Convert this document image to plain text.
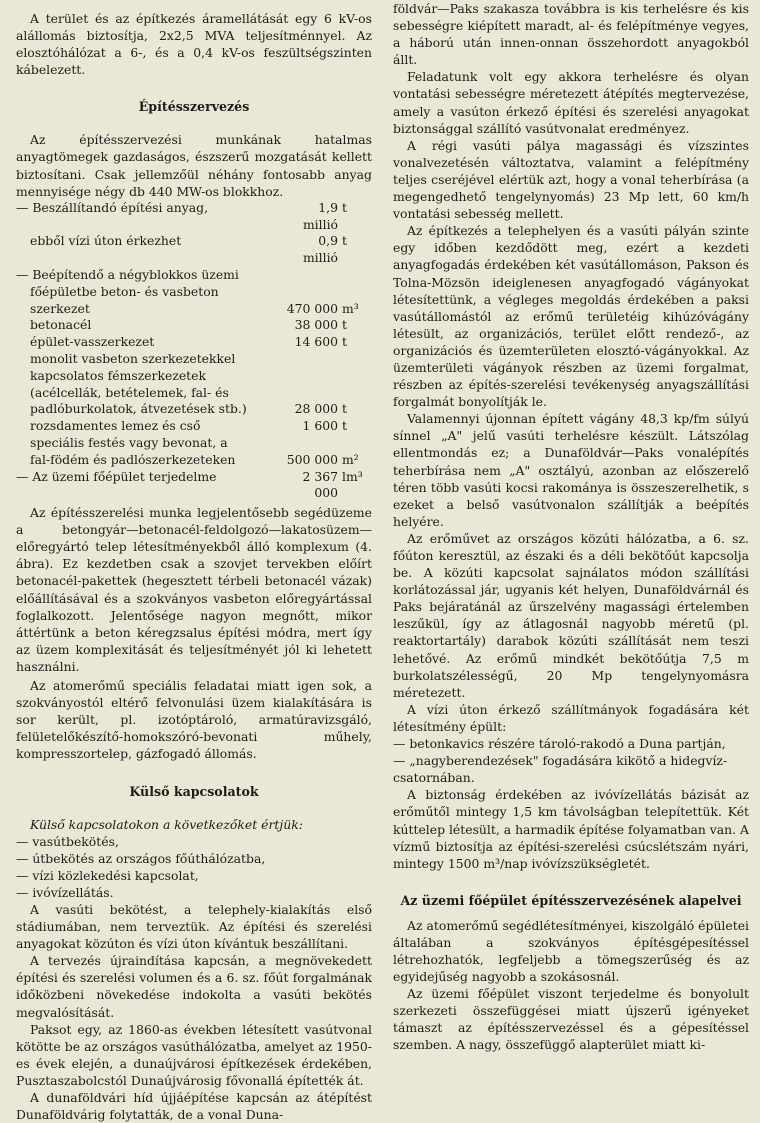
A terület és az építkezés áramellátását egy 6 kV-os alállomás biztosítja, 2x2,5 MVA teljesítménnyel. Az elosztóhálózat a 6-, és a 0,4 kV-os feszültségszinten kábelezett.

Építésszervezés

Az építésszervezési munkának hatalmas anyagtömegek gazdaságos, észszerű mozgatását kellett biztosítani. Csak jellemzőül néhány fontosabb anyag mennyisége négy db 440 MW-os blokkhoz.

— Beszállítandó építési anyag,	1,9 millió
t
ebből vízi úton érkezhet	0,9 millió
t
— Beépítendő a négyblokkos üzemi
főépületbe beton- és vasbeton
szerkezet	470 000 m³
betonacél	38 000 t
épület-vasszerkezet	14 600 t
monolit vasbeton szerkezetekkel
kapcsolatos fémszerkezetek
(acélcellák, betételemek, fal- és
padlóburkolatok, átvezetések stb.)	28 000 t
rozsdamentes lemez és cső	1 600 t
speciális festés vagy bevonat, a
fal-födém és padlószerkezeteken	500 000 m²
— Az üzemi főépület terjedelme	2 367 000
lm³

Az építésszerelési munka legjelentősebb segédüzeme a betongyár—betonacél-feldolgozó—lakatosüzem—előregyártó telep létesítményekből álló komplexum (4. ábra). Ez kezdetben csak a szovjet tervekben előírt betonacél-pakettek (hegesztett térbeli betonacél vázak) előállításával és a szokványos vasbeton előregyártással foglalkozott. Jelentősége nagyon megnőtt, mikor áttértünk a beton kéregzsalus építési módra, mert így az üzem komplexitását és teljesítményét jól ki lehetett használni.

Az atomerőmű speciális feladatai miatt igen sok, a szokványostól eltérő felvonulási üzem kialakítására is sor került, pl. izotóptároló, armatúravizsgáló, felületelőkészítő-homokszóró-bevonati műhely, kompresszortelep, gázfogadó állomás.

Külső kapcsolatok

Külső kapcsolatokon a következőket értjük:

— vasútbekötés,
— útbekötés az országos főúthálózatba,
— vízi közlekedési kapcsolat,
— ivóvízellátás.

A vasúti bekötést, a telephely-kialakítás első stádiumában, nem terveztük. Az építési és szerelési anyagokat közúton és vízi úton kívántuk beszállítani.

A tervezés újraindítása kapcsán, a megnövekedett építési és szerelési volumen és a 6. sz. főút forgalmának időközbeni növekedése indokolta a vasúti bekötés megvalósítását.

Paksot egy, az 1860-as években létesített vasútvonal kötötte be az országos vasúthálózatba, amelyet az 1950-es évek elején, a dunaújvárosi építkezések érdekében, Pusztaszabolcstól Dunaújvárosig fővonallá építették át.

A dunaföldvári híd újjáépítése kapcsán az átépítést Dunaföldvárig folytatták, de a vonal Duna-

földvár—Paks szakasza továbbra is kis terhelésre és kis sebességre kiépített maradt, al- és felépítménye vegyes, a háború után innen-onnan összehordott anyagokból állt.

Feladatunk volt egy akkora terhelésre és olyan vontatási sebességre méretezett átépítés megtervezése, amely a vasúton érkező építési és szerelési anyagokat biztonsággal szállító vasútvonalat eredményez.

A régi vasúti pálya magassági és vízszintes vonalvezetésén változtatva, valamint a felépítmény teljes cseréjével elértük azt, hogy a vonal teherbírása (a megengedhető tengelynyomás) 23 Mp lett, 60 km/h vontatási sebesség mellett.

Az építkezés a telephelyen és a vasúti pályán szinte egy időben kezdődött meg, ezért a kezdeti anyagfogadás érdekében két vasútállomáson, Pakson és Tolna-Mözsön ideiglenesen anyagfogadó vágányokat létesítettünk, a végleges megoldás érdekében a paksi vasútállomástól az erőmű területéig kihúzóvágány létesült, az organizációs, terület előtt rendező-, az organizációs és üzemterületen elosztó-vágányokkal. Az üzemterületi vágányok részben az üzemi forgalmat, részben az építés-szerelési tevékenység anyagszállítási forgalmát bonyolítják le.

Valamennyi újonnan épített vágány 48,3 kp/fm súlyú sínnel „A" jelű vasúti terhelésre készült. Látszólag ellentmondás ez; a Dunaföldvár—Paks vonalépítés teherbírása nem „A" osztályú, azonban az előszerelő téren több vasúti kocsi rakománya is összeszerelhetik, s ezeket a belső vasútvonalon szállítják a beépítés helyére.

Az erőművet az országos közúti hálózatba, a 6. sz. főúton keresztül, az északi és a déli bekötőút kapcsolja be. A közúti kapcsolat sajnálatos módon szállítási korlátozással jár, ugyanis két helyen, Dunaföldvárnál és Paks bejáratánál az űrszelvény magassági értelemben leszűkül, így az átlagosnál nagyobb méretű (pl. reaktortartály) darabok közúti szállítását nem teszi lehetővé. Az erőmű mindkét bekötőútja 7,5 m burkolatszélességű, 20 Mp tengelynyomásra méretezett.

A vízi úton érkező szállítmányok fogadására két létesítmény épült:

— betonkavics részére tároló-rakodó a Duna partján,
— „nagyberendezések" fogadására kikötő a hidegvíz-csatornában.

A biztonság érdekében az ivóvízellátás bázisát az erőműtől mintegy 1,5 km távolságban telepítettük. Két kúttelep létesült, a harmadik építése folyamatban van. A vízmű biztosítja az építési-szerelési csúcslétszám nyári, mintegy 1500 m³/nap ivóvízszükségletét.

Az üzemi főépület építésszervezésének alapelvei

Az atomerőmű segédlétesítményei, kiszolgáló épületei általában a szokványos építésgépesítéssel létrehozhatók, legfeljebb a tömegszerűség és az egyidejűség nagyobb a szokásosnál.

Az üzemi főépület viszont terjedelme és bonyolult szerkezeti összefüggései miatt újszerű igényeket támaszt az építésszervezéssel és a gépesítéssel szemben. A nagy, összefüggő alapterület miatt ki-
